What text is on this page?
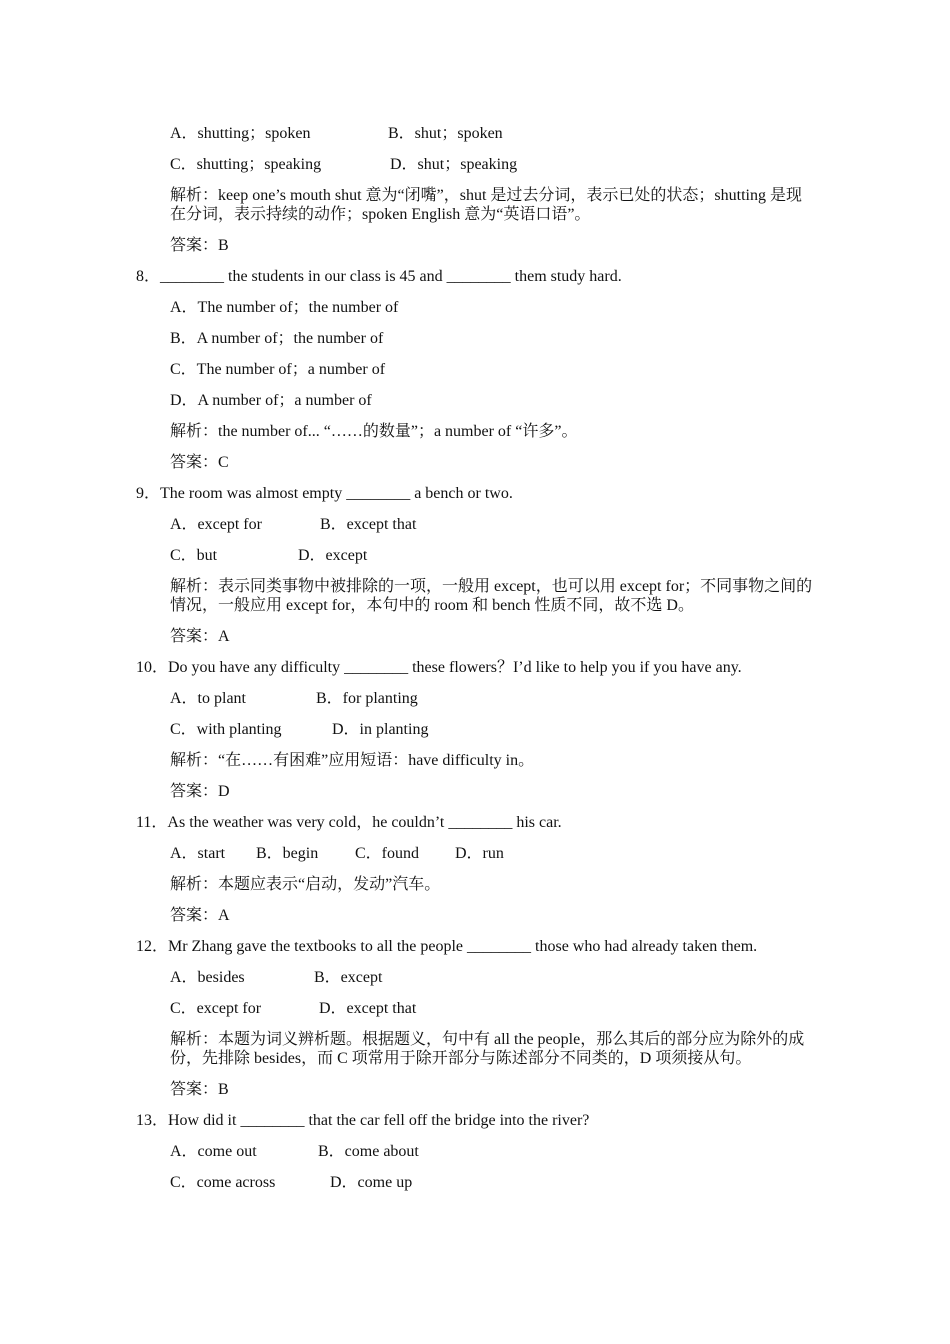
A．shutting；spoken	B．shut；spoken
C．shutting；speaking	D．shut；speaking
解析：keep one’s mouth shut 意为“闭嘴”，shut 是过去分词，表示已处的状态；shutting 是现在分词，表示持续的动作；spoken English 意为“英语口语”。
答案：B
8．________ the students in our class is 45 and ________ them study hard.
A．The number of；the number of
B．A number of；the number of
C．The number of；a number of
D．A number of；a number of
解析：the number of... “……的数量”；a number of “许多”。
答案：C
9．The room was almost empty ________ a bench or two.
A．except for	B．except that
C．but	D．except
解析：表示同类事物中被排除的一项，一般用 except，也可以用 except for；不同事物之间的情况，一般应用 except for，本句中的 room 和 bench 性质不同，故不选 D。
答案：A
10．Do you have any difficulty ________ these flowers？I’d like to help you if you have any.
A．to plant	B．for planting
C．with planting	D．in planting
解析：“在……有困难”应用短语：have difficulty in。
答案：D
11．As the weather was very cold，he couldn’t ________ his car.
A．start B．begin C．found D．run
解析：本题应表示“启动，发动”汽车。
答案：A
12．Mr Zhang gave the textbooks to all the people ________ those who had already taken them.
A．besides	B．except
C．except for	D．except that
解析：本题为词义辨析题。根据题义，句中有 all the people，那么其后的部分应为除外的成份，先排除 besides，而 C 项常用于除开部分与陈述部分不同类的，D 项须接从句。
答案：B
13．How did it ________ that the car fell off the bridge into the river?
A．come out	B．come about
C．come across	D．come up
